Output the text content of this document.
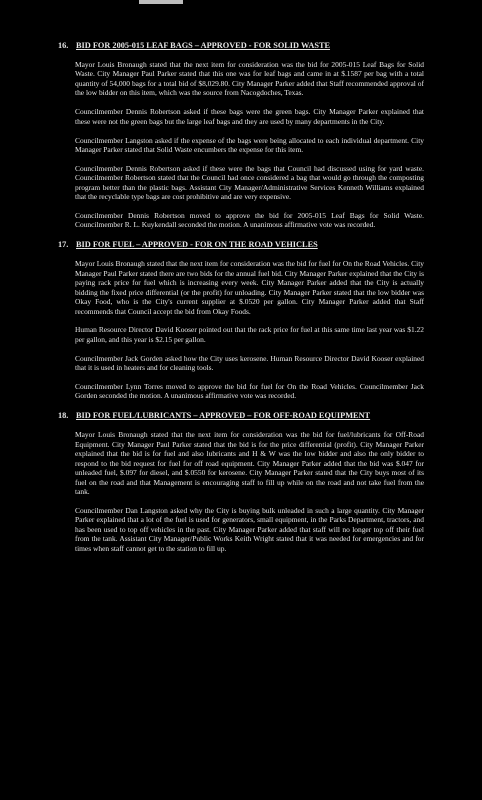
16. BID FOR 2005-015 LEAF BAGS – APPROVED - FOR SOLID WASTE

Mayor Louis Bronaugh stated that the next item for consideration was the bid for 2005-015 Leaf Bags for Solid Waste. City Manager Paul Parker stated that this one was for leaf bags and came in at $.1587 per bag with a total quantity of 54,000 bags for a total bid of $8,029.80. City Manager Parker added that Staff recommended approval of the low bidder on this item, which was the source from Nacogdoches, Texas.

Councilmember Dennis Robertson asked if these bags were the green bags. City Manager Parker explained that these were not the green bags but the large leaf bags and they are used by many departments in the City.

Councilmember Langston asked if the expense of the bags were being allocated to each individual department. City Manager Parker stated that Solid Waste encumbers the expense for this item.

Councilmember Dennis Robertson asked if these were the bags that Council had discussed using for yard waste. Councilmember Robertson stated that the Council had once considered a bag that would go through the composting program better than the plastic bags. Assistant City Manager/Administrative Services Kenneth Williams explained that the recyclable type bags are cost prohibitive and are very expensive.

Councilmember Dennis Robertson moved to approve the bid for 2005-015 Leaf Bags for Solid Waste. Councilmember R. L. Kuykendall seconded the motion. A unanimous affirmative vote was recorded.

17. BID FOR FUEL – APPROVED - FOR ON THE ROAD VEHICLES

Mayor Louis Bronaugh stated that the next item for consideration was the bid for fuel for On the Road Vehicles. City Manager Paul Parker stated there are two bids for the annual fuel bid. City Manager Parker explained that the City is paying rack price for fuel which is increasing every week. City Manager Parker added that the City is actually bidding the fixed price differential (or the profit) for unloading. City Manager Parker stated that the low bidder was Okay Food, who is the City's current supplier at $.0520 per gallon. City Manager Parker added that Staff recommends that Council accept the bid from Okay Foods.

Human Resource Director David Kooser pointed out that the rack price for fuel at this same time last year was $1.22 per gallon, and this year is $2.15 per gallon.

Councilmember Jack Gorden asked how the City uses kerosene. Human Resource Director David Kooser explained that it is used in heaters and for cleaning tools.

Councilmember Lynn Torres moved to approve the bid for fuel for On the Road Vehicles. Councilmember Jack Gorden seconded the motion. A unanimous affirmative vote was recorded.

18. BID FOR FUEL/LUBRICANTS – APPROVED – FOR OFF-ROAD EQUIPMENT

Mayor Louis Bronaugh stated that the next item for consideration was the bid for fuel/lubricants for Off-Road Equipment. City Manager Paul Parker stated that the bid is for the price differential (profit). City Manager Parker explained that the bid is for fuel and also lubricants and H & W was the low bidder and also the only bidder to respond to the bid request for fuel for off road equipment. City Manager Parker added that the bid was $.047 for unleaded fuel, $.097 for diesel, and $.0550 for kerosene. City Manager Parker stated that the City buys most of its fuel on the road and that Management is encouraging staff to fill up while on the road and not take fuel from the tank.

Councilmember Dan Langston asked why the City is buying bulk unleaded in such a large quantity. City Manager Parker explained that a lot of the fuel is used for generators, small equipment, in the Parks Department, tractors, and has been used to top off vehicles in the past. City Manager Parker added that staff will no longer top off their fuel from the tank. Assistant City Manager/Public Works Keith Wright stated that it was needed for emergencies and for times when staff cannot get to the station to fill up.
